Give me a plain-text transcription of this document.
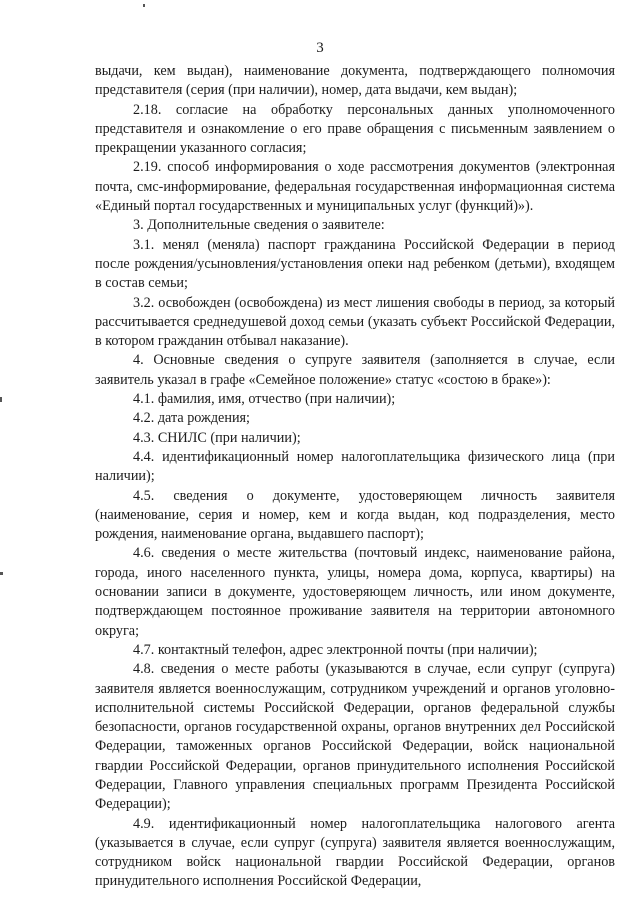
3

выдачи, кем выдан), наименование документа, подтверждающего полномочия представителя (серия (при наличии), номер, дата выдачи, кем выдан);

2.18. согласие на обработку персональных данных уполномоченного представителя и ознакомление о его праве обращения с письменным заявлением о прекращении указанного согласия;

2.19. способ информирования о ходе рассмотрения документов (электронная почта, смс-информирование, федеральная государственная информационная система «Единый портал государственных и муниципальных услуг (функций)»).

3. Дополнительные сведения о заявителе:

3.1. менял (меняла) паспорт гражданина Российской Федерации в период после рождения/усыновления/установления опеки над ребенком (детьми), входящем в состав семьи;

3.2. освобожден (освобождена) из мест лишения свободы в период, за который рассчитывается среднедушевой доход семьи (указать субъект Российской Федерации, в котором гражданин отбывал наказание).

4. Основные сведения о супруге заявителя (заполняется в случае, если заявитель указал в графе «Семейное положение» статус «состою в браке»):

4.1. фамилия, имя, отчество (при наличии);

4.2. дата рождения;

4.3. СНИЛС (при наличии);

4.4. идентификационный номер налогоплательщика физического лица (при наличии);

4.5. сведения о документе, удостоверяющем личность заявителя (наименование, серия и номер, кем и когда выдан, код подразделения, место рождения, наименование органа, выдавшего паспорт);

4.6. сведения о месте жительства (почтовый индекс, наименование района, города, иного населенного пункта, улицы, номера дома, корпуса, квартиры) на основании записи в документе, удостоверяющем личность, или ином документе, подтверждающем постоянное проживание заявителя на территории автономного округа;

4.7. контактный телефон, адрес электронной почты (при наличии);

4.8. сведения о месте работы (указываются в случае, если супруг (супруга) заявителя является военнослужащим, сотрудником учреждений и органов уголовно-исполнительной системы Российской Федерации, органов федеральной службы безопасности, органов государственной охраны, органов внутренних дел Российской Федерации, таможенных органов Российской Федерации, войск национальной гвардии Российской Федерации, органов принудительного исполнения Российской Федерации, Главного управления специальных программ Президента Российской Федерации);

4.9. идентификационный номер налогоплательщика налогового агента (указывается в случае, если супруг (супруга) заявителя является военнослужащим, сотрудником войск национальной гвардии Российской Федерации, органов принудительного исполнения Российской Федерации,
